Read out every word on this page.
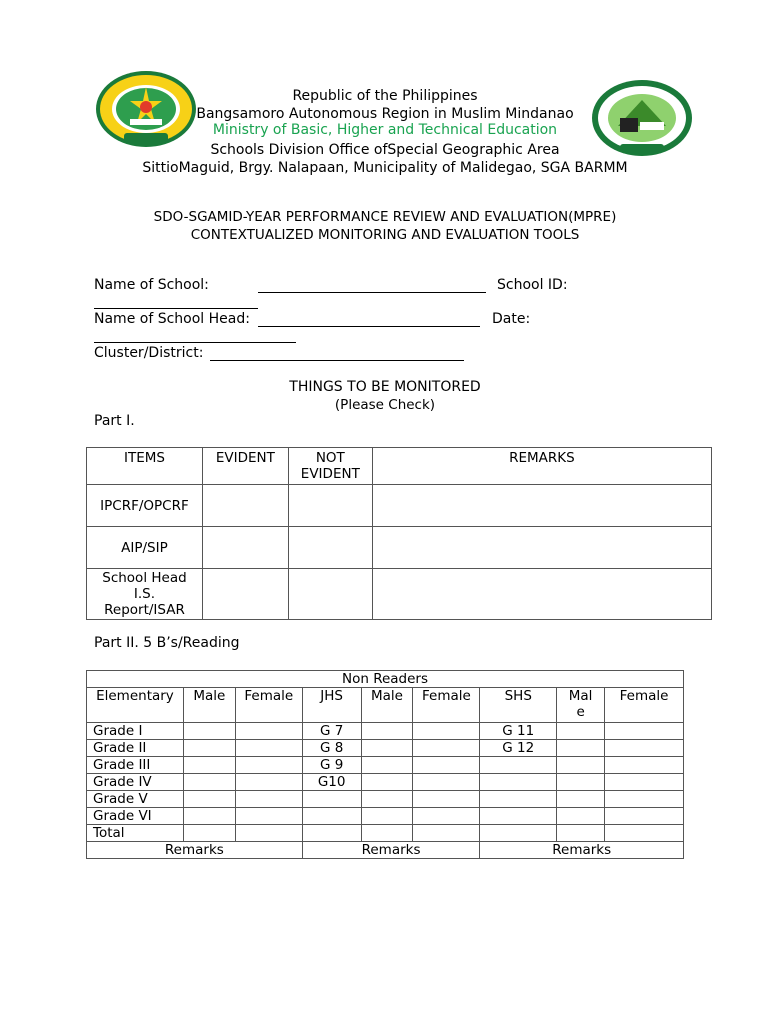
Republic of the Philippines
Bangsamoro Autonomous Region in Muslim Mindanao
Ministry of Basic, Higher and Technical Education
Schools Division Office ofSpecial Geographic Area
SittioMaguid, Brgy. Nalapaan, Municipality of Malidegao, SGA BARMM
SDO-SGAMID-YEAR PERFORMANCE REVIEW AND EVALUATION(MPRE)
CONTEXTUALIZED MONITORING AND EVALUATION TOOLS
Name of School:	School ID:
Name of School Head:	Date:
Cluster/District:
THINGS TO BE MONITORED
(Please Check)
Part I.
ITEMS	EVIDENT	NOT EVIDENT	REMARKS
IPCRF/OPCRF			
AIP/SIP			
School Head I.S. Report/ISAR			
Part II. 5 B’s/Reading
Non Readers								
Elementary	Male	Female	JHS	Male	Female	SHS	Mal e	Female
Grade I			G 7			G 11		
Grade II			G 8			G 12		
Grade III			G 9					
Grade IV			G10					
Grade V								
Grade VI								
Total								
Remarks			Remarks			Remarks		
